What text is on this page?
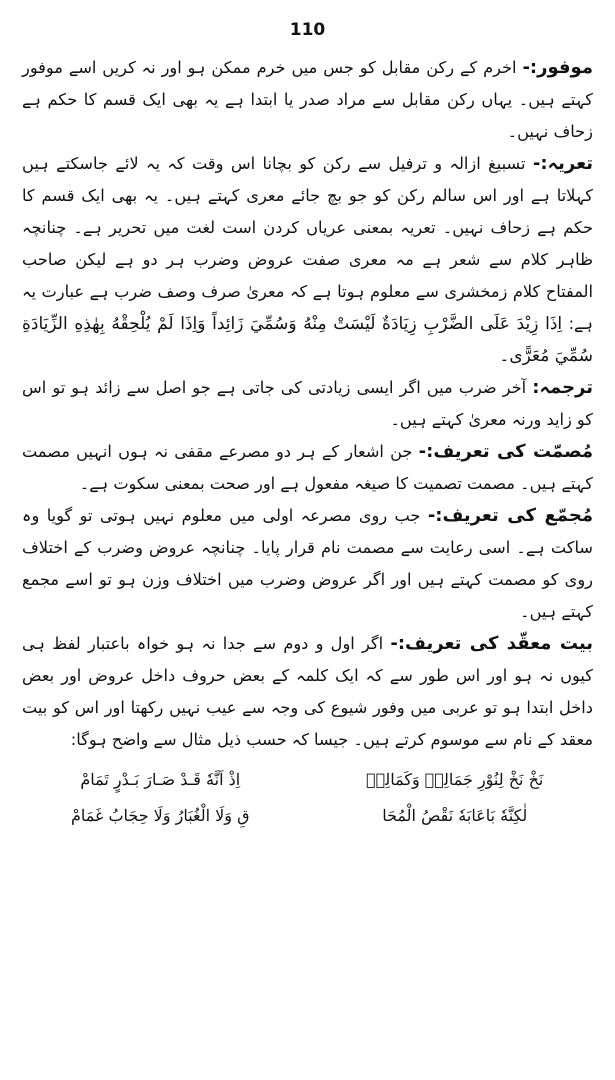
110

موفور:- اخرم کے رکن مقابل کو جس میں خرم ممکن ہو اور نہ کریں اسے موفور کہتے ہیں۔ یہاں رکن مقابل سے مراد صدر یا ابتدا ہے یہ بھی ایک قسم کا حکم ہے زحاف نہیں۔

تعریہ:- تسبیغ ازالہ و ترفیل سے رکن کو بچانا اس وقت کہ یہ لائے جاسکتے ہیں کہلاتا ہے اور اس سالم رکن کو جو بچ جائے معری کہتے ہیں۔ یہ بھی ایک قسم کا حکم ہے زحاف نہیں۔ تعریہ بمعنی عریاں کردن است لغت میں تحریر ہے۔ چنانچہ ظاہر کلام سے شعر ہے مہ معری صفت عروض وضرب ہر دو ہے لیکن صاحب المفتاح کلام زمخشری سے معلوم ہوتا ہے کہ معریٰ صرف وصف ضرب ہے عبارت یہ ہے: اِذَا زِيْدَ عَلَى الضَّرْبِ زِيَادَةٌ لَيْسَتْ مِنْهُ وَسُمِّيَ زَائِداً وَاِذَا لَمْ يُلْحِقْهُ بِهٰذِهِ الزِّيَادَةِ سُمِّيَ مُعَرًّى۔

ترجمہ: آخر ضرب میں اگر ایسی زیادتی کی جاتی ہے جو اصل سے زائد ہو تو اس کو زاید ورنہ معریٰ کہتے ہیں۔

مُصمّت کی تعریف:- جن اشعار کے ہر دو مصرعے مقفی نہ ہوں انہیں مصمت کہتے ہیں۔ مصمت تصمیت کا صیغہ مفعول ہے اور صحت بمعنی سکوت ہے۔

مُجمّع کی تعریف:- جب روی مصرعہ اولی میں معلوم نہیں ہوتی تو گویا وہ ساکت ہے۔ اسی رعایت سے مصمت نام قرار پایا۔ چنانچہ عروض وضرب کے اختلاف روی کو مصمت کہتے ہیں اور اگر عروض وضرب میں اختلاف وزن ہو تو اسے مجمع کہتے ہیں۔

بیت معقّد کی تعریف:- اگر اول و دوم سے جدا نہ ہو خواہ باعتبار لفظ ہی کیوں نہ ہو اور اس طور سے کہ ایک کلمہ کے بعض حروف داخل عروض اور بعض داخل ابتدا ہو تو عربی میں وفور شیوع کی وجہ سے عیب نہیں رکھتا اور اس کو بیت معقد کے نام سے موسوم کرتے ہیں۔ جیسا کہ حسب ذیل مثال سے واضح ہوگا:

نَخْ نَخْ لِنُوْرِ جَمَالِهٖ وَكَمَالِهٖ
اِذْ اَنَّهٗ قَـدْ صَـارَ بَـدْرٍ تَمَامْ
لٰكِنَّهٗ بَاعَابَهٗ نَقْصُ الْمُحَا
قِ وَلَا الْغُبَارُ وَلَا حِجَابُ غَمَامْ
